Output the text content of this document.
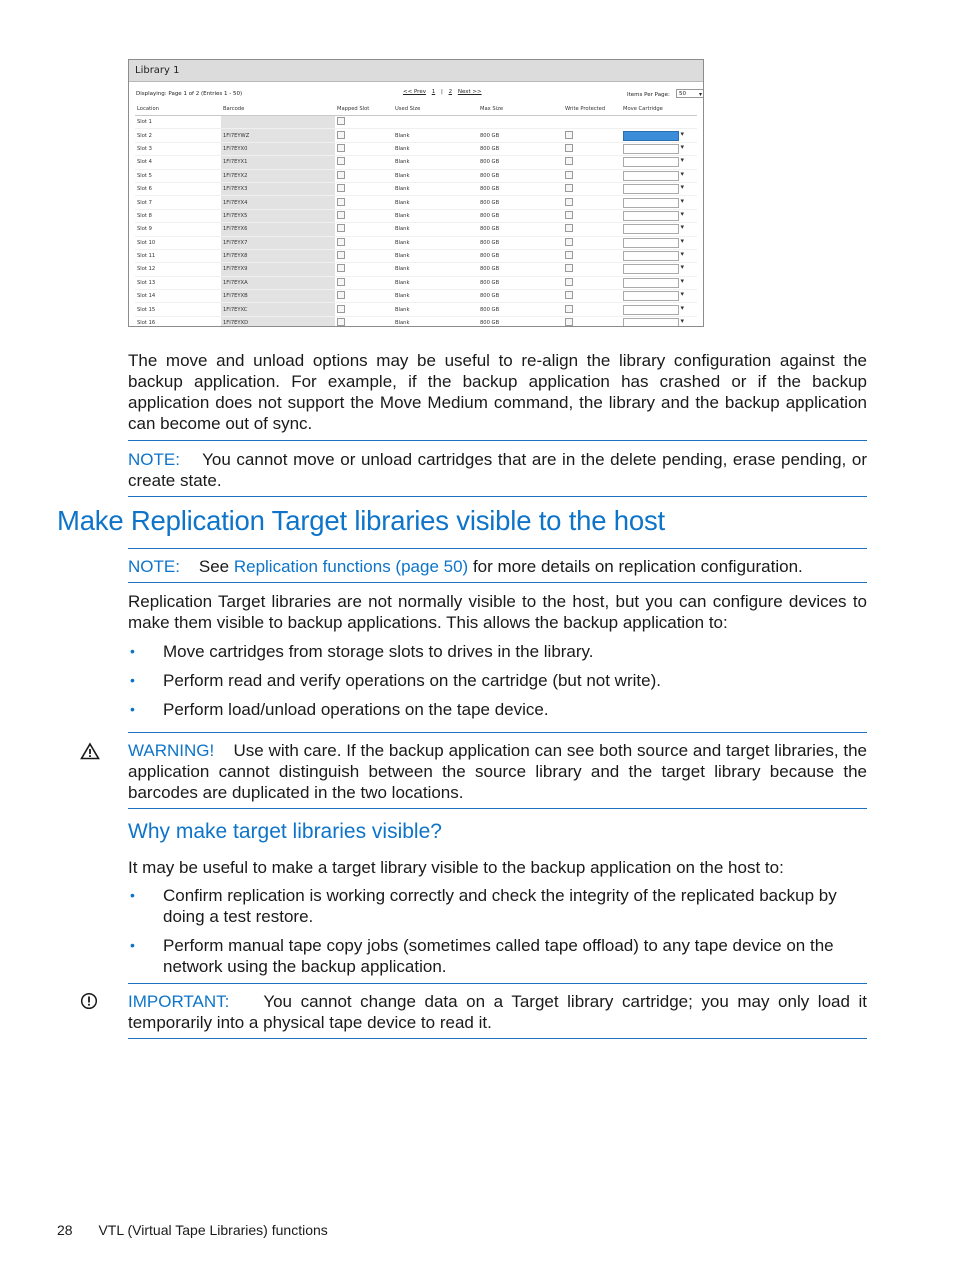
Library 1
Displaying: Page 1 of 2 (Entries 1 - 50)	<< Prev 1 | 2 Next >>	Items Per Page:	50 ▾
Location	Barcode	Mapped Slot	Used Size	Max Size	Write Protected	Move Cartridge
Slot 1						
Slot 2	1FI7EYWZ		Blank	800 GB		▾
Slot 3	1FI7EYX0		Blank	800 GB		▾
Slot 4	1FI7EYX1		Blank	800 GB		▾
Slot 5	1FI7EYX2		Blank	800 GB		▾
Slot 6	1FI7EYX3		Blank	800 GB		▾
Slot 7	1FI7EYX4		Blank	800 GB		▾
Slot 8	1FI7EYX5		Blank	800 GB		▾
Slot 9	1FI7EYX6		Blank	800 GB		▾
Slot 10	1FI7EYX7		Blank	800 GB		▾
Slot 11	1FI7EYX8		Blank	800 GB		▾
Slot 12	1FI7EYX9		Blank	800 GB		▾
Slot 13	1FI7EYXA		Blank	800 GB		▾
Slot 14	1FI7EYXB		Blank	800 GB		▾
Slot 15	1FI7EYXC		Blank	800 GB		▾
Slot 16	1FI7EYXD		Blank	800 GB		▾

The move and unload options may be useful to re-align the library configuration against the backup application. For example, if the backup application has crashed or if the backup application does not support the Move Medium command, the library and the backup application can become out of sync.

NOTE: You cannot move or unload cartridges that are in the delete pending, erase pending, or create state.

Make Replication Target libraries visible to the host

NOTE: See Replication functions (page 50) for more details on replication configuration.

Replication Target libraries are not normally visible to the host, but you can configure devices to make them visible to backup applications. This allows the backup application to:

• Move cartridges from storage slots to drives in the library.
• Perform read and verify operations on the cartridge (but not write).
• Perform load/unload operations on the tape device.

WARNING! Use with care. If the backup application can see both source and target libraries, the application cannot distinguish between the source library and the target library because the barcodes are duplicated in the two locations.

Why make target libraries visible?

It may be useful to make a target library visible to the backup application on the host to:

• Confirm replication is working correctly and check the integrity of the replicated backup by doing a test restore.
• Perform manual tape copy jobs (sometimes called tape offload) to any tape device on the network using the backup application.

IMPORTANT: You cannot change data on a Target library cartridge; you may only load it temporarily into a physical tape device to read it.

28 VTL (Virtual Tape Libraries) functions
